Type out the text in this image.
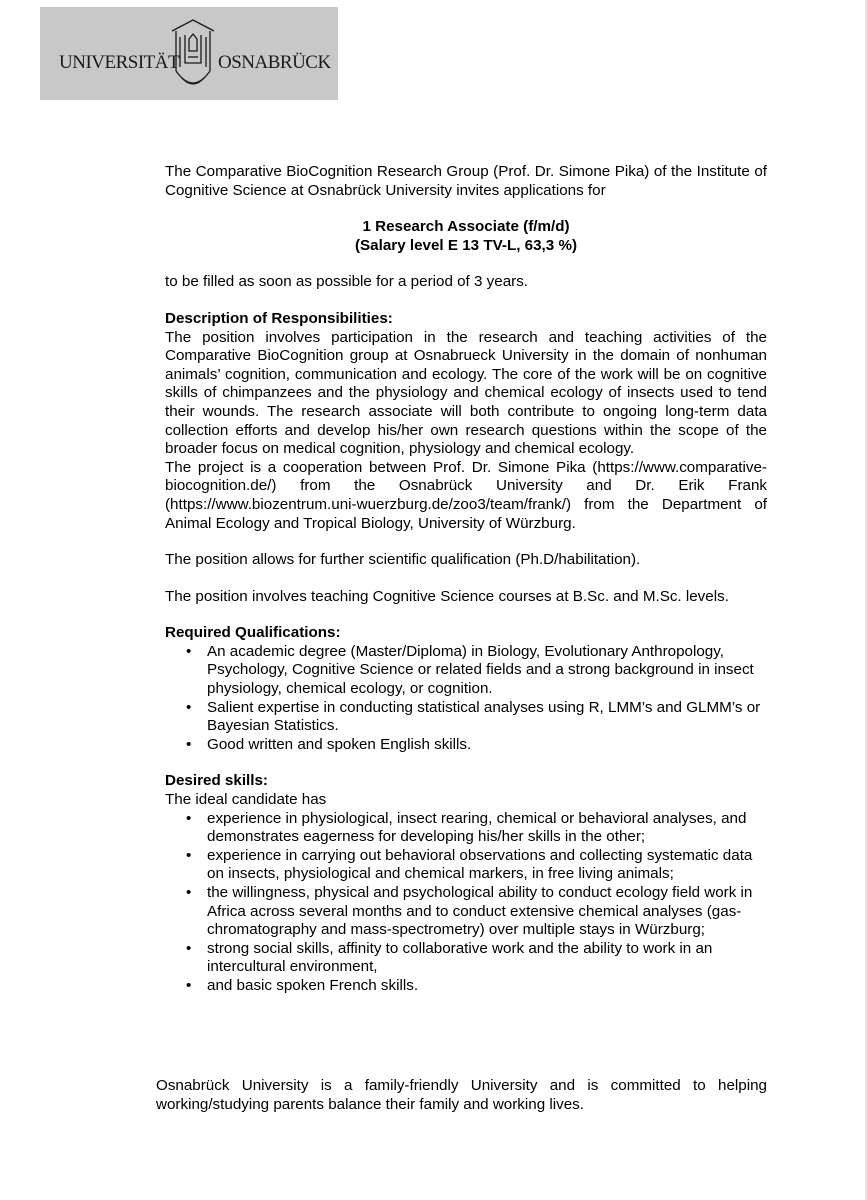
UNIVERSITÄT OSNABRÜCK

The Comparative BioCognition Research Group (Prof. Dr. Simone Pika) of the Institute of Cognitive Science at Osnabrück University invites applications for

1 Research Associate (f/m/d)

(Salary level E 13 TV-L, 63,3 %)

to be filled as soon as possible for a period of 3 years.

Description of Responsibilities:

The position involves participation in the research and teaching activities of the Comparative BioCognition group at Osnabrueck University in the domain of nonhuman animals’ cognition, communication and ecology. The core of the work will be on cognitive skills of chimpanzees and the physiology and chemical ecology of insects used to tend their wounds. The research associate will both contribute to ongoing long-term data collection efforts and develop his/her own research questions within the scope of the broader focus on medical cognition, physiology and chemical ecology.

The project is a cooperation between Prof. Dr. Simone Pika (https://www.comparative-biocognition.de/) from the Osnabrück University and Dr. Erik Frank (https://www.biozentrum.uni-wuerzburg.de/zoo3/team/frank/) from the Department of Animal Ecology and Tropical Biology, University of Würzburg.

The position allows for further scientific qualification (Ph.D/habilitation).

The position involves teaching Cognitive Science courses at B.Sc. and M.Sc. levels.

Required Qualifications:

• An academic degree (Master/Diploma) in Biology, Evolutionary Anthropology, Psychology, Cognitive Science or related fields and a strong background in insect physiology, chemical ecology, or cognition.
• Salient expertise in conducting statistical analyses using R, LMM’s and GLMM’s or Bayesian Statistics.
• Good written and spoken English skills.

Desired skills:

The ideal candidate has

• experience in physiological, insect rearing, chemical or behavioral analyses, and demonstrates eagerness for developing his/her skills in the other;
• experience in carrying out behavioral observations and collecting systematic data on insects, physiological and chemical markers, in free living animals;
• the willingness, physical and psychological ability to conduct ecology field work in Africa across several months and to conduct extensive chemical analyses (gas-chromatography and mass-spectrometry) over multiple stays in Würzburg;
• strong social skills, affinity to collaborative work and the ability to work in an intercultural environment,
• and basic spoken French skills.

Osnabrück University is a family-friendly University and is committed to helping working/studying parents balance their family and working lives.
